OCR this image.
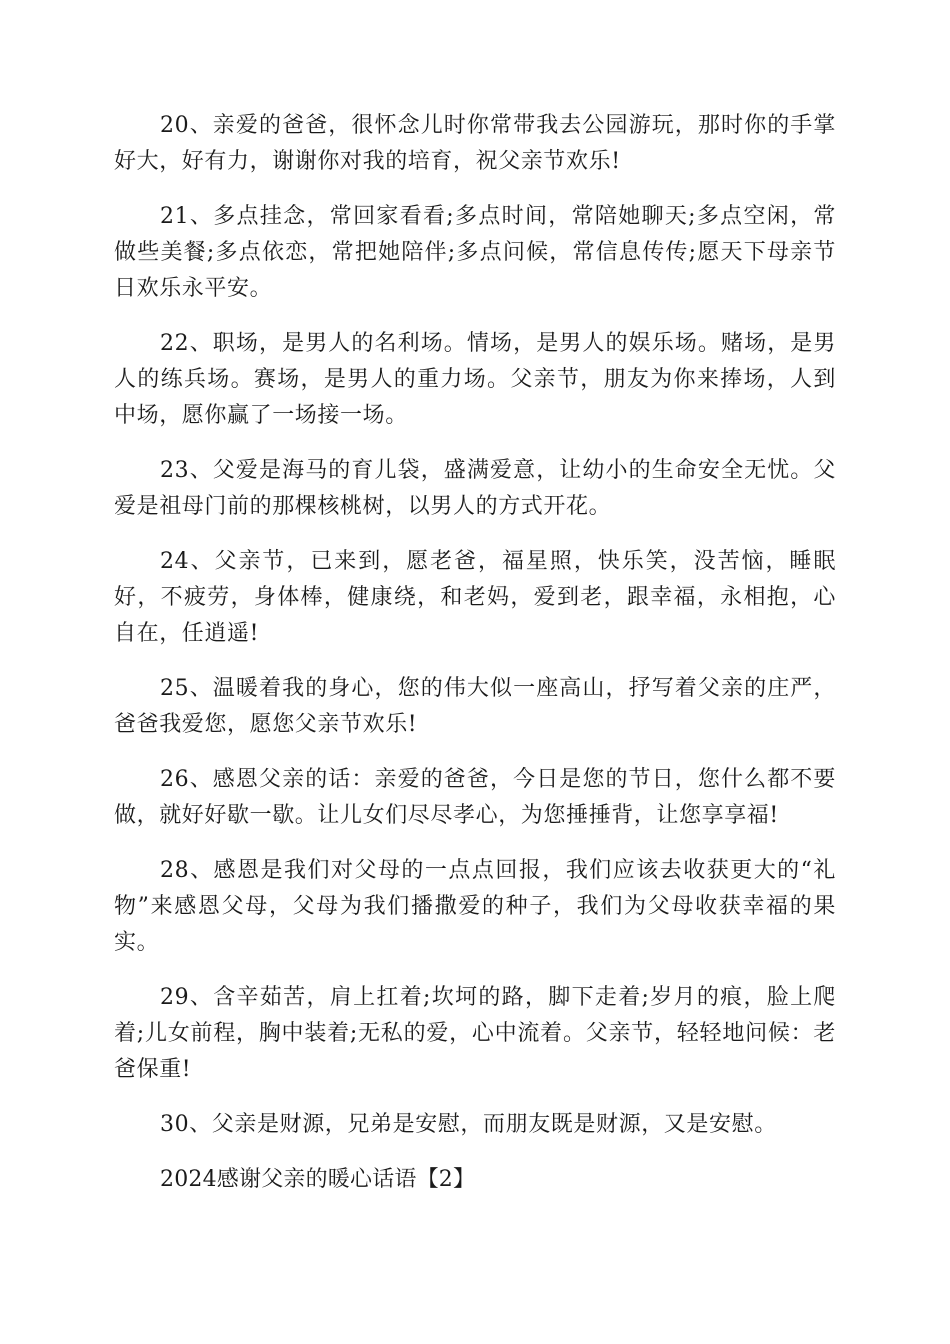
20、亲爱的爸爸，很怀念儿时你常带我去公园游玩，那时你的手掌好大，好有力，谢谢你对我的培育，祝父亲节欢乐!

21、多点挂念，常回家看看;多点时间，常陪她聊天;多点空闲，常做些美餐;多点依恋，常把她陪伴;多点问候，常信息传传;愿天下母亲节日欢乐永平安。

22、职场，是男人的名利场。情场，是男人的娱乐场。赌场，是男人的练兵场。赛场，是男人的重力场。父亲节，朋友为你来捧场，人到中场，愿你赢了一场接一场。

23、父爱是海马的育儿袋，盛满爱意，让幼小的生命安全无忧。父爱是祖母门前的那棵核桃树，以男人的方式开花。

24、父亲节，已来到，愿老爸，福星照，快乐笑，没苦恼，睡眠好，不疲劳，身体棒，健康绕，和老妈，爱到老，跟幸福，永相抱，心自在，任逍遥!

25、温暖着我的身心，您的伟大似一座高山，抒写着父亲的庄严，爸爸我爱您，愿您父亲节欢乐!

26、感恩父亲的话：亲爱的爸爸，今日是您的节日，您什么都不要做，就好好歇一歇。让儿女们尽尽孝心，为您捶捶背，让您享享福!

28、感恩是我们对父母的一点点回报，我们应该去收获更大的“礼物”来感恩父母，父母为我们播撒爱的种子，我们为父母收获幸福的果实。

29、含辛茹苦，肩上扛着;坎坷的路，脚下走着;岁月的痕，脸上爬着;儿女前程，胸中装着;无私的爱，心中流着。父亲节，轻轻地问候：老爸保重!

30、父亲是财源，兄弟是安慰，而朋友既是财源，又是安慰。

2024感谢父亲的暖心话语【2】
